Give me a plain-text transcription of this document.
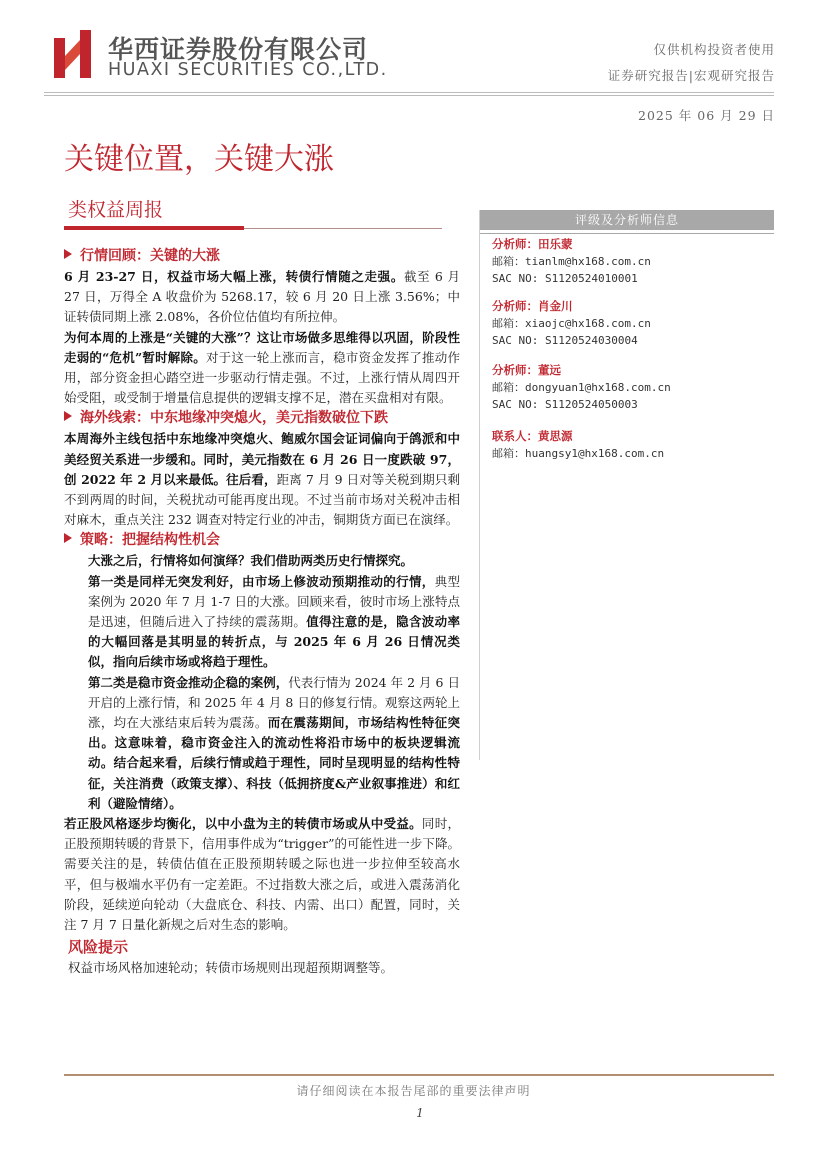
华西证券股份有限公司
HUAXI SECURITIES CO.,LTD.
仅供机构投资者使用
证券研究报告|宏观研究报告
2025 年 06 月 29 日
关键位置，关键大涨
类权益周报	评级及分析师信息
分析师：田乐蒙
邮箱：tianlm@hx168.com.cn
SAC NO: S1120524010001
分析师：肖金川
邮箱：xiaojc@hx168.com.cn
SAC NO: S1120524030004
分析师：董远
邮箱：dongyuan1@hx168.com.cn
SAC NO: S1120524050003
联系人：黄思源
邮箱：huangsy1@hx168.com.cn
行情回顾：关键的大涨

6 月 23-27 日，权益市场大幅上涨，转债行情随之走强。截至 6 月 27 日，万得全 A 收盘价为 5268.17，较 6 月 20 日上涨 3.56%；中证转债同期上涨 2.08%，各价位估值均有所拉伸。

为何本周的上涨是“关键的大涨”？这让市场做多思维得以巩固，阶段性走弱的“危机”暂时解除。对于这一轮上涨而言，稳市资金发挥了推动作用，部分资金担心踏空进一步驱动行情走强。不过，上涨行情从周四开始受阻，或受制于增量信息提供的逻辑支撑不足，潜在买盘相对有限。

海外线索：中东地缘冲突熄火，美元指数破位下跌

本周海外主线包括中东地缘冲突熄火、鲍威尔国会证词偏向于鸽派和中美经贸关系进一步缓和。同时，美元指数在 6 月 26 日一度跌破 97，创 2022 年 2 月以来最低。往后看，距离 7 月 9 日对等关税到期只剩不到两周的时间，关税扰动可能再度出现。不过当前市场对关税冲击相对麻木，重点关注 232 调查对特定行业的冲击，铜期货方面已在演绎。

策略：把握结构性机会

大涨之后，行情将如何演绎？我们借助两类历史行情探究。

第一类是同样无突发利好，由市场上修波动预期推动的行情，典型案例为 2020 年 7 月 1-7 日的大涨。回顾来看，彼时市场上涨特点是迅速，但随后进入了持续的震荡期。值得注意的是，隐含波动率的大幅回落是其明显的转折点，与 2025 年 6 月 26 日情况类似，指向后续市场或将趋于理性。

第二类是稳市资金推动企稳的案例，代表行情为 2024 年 2 月 6 日开启的上涨行情，和 2025 年 4 月 8 日的修复行情。观察这两轮上涨，均在大涨结束后转为震荡。而在震荡期间，市场结构性特征突出。这意味着，稳市资金注入的流动性将沿市场中的板块逻辑流动。结合起来看，后续行情或趋于理性，同时呈现明显的结构性特征，关注消费（政策支撑）、科技（低拥挤度&产业叙事推进）和红利（避险情绪）。

若正股风格逐步均衡化，以中小盘为主的转债市场或从中受益。同时，正股预期转暖的背景下，信用事件成为“trigger”的可能性进一步下降。需要关注的是，转债估值在正股预期转暖之际也进一步拉伸至较高水平，但与极端水平仍有一定差距。不过指数大涨之后，或进入震荡消化阶段，延续逆向轮动（大盘底仓、科技、内需、出口）配置，同时，关注 7 月 7 日量化新规之后对生态的影响。

风险提示

权益市场风格加速轮动；转债市场规则出现超预期调整等。

请仔细阅读在本报告尾部的重要法律声明
1
